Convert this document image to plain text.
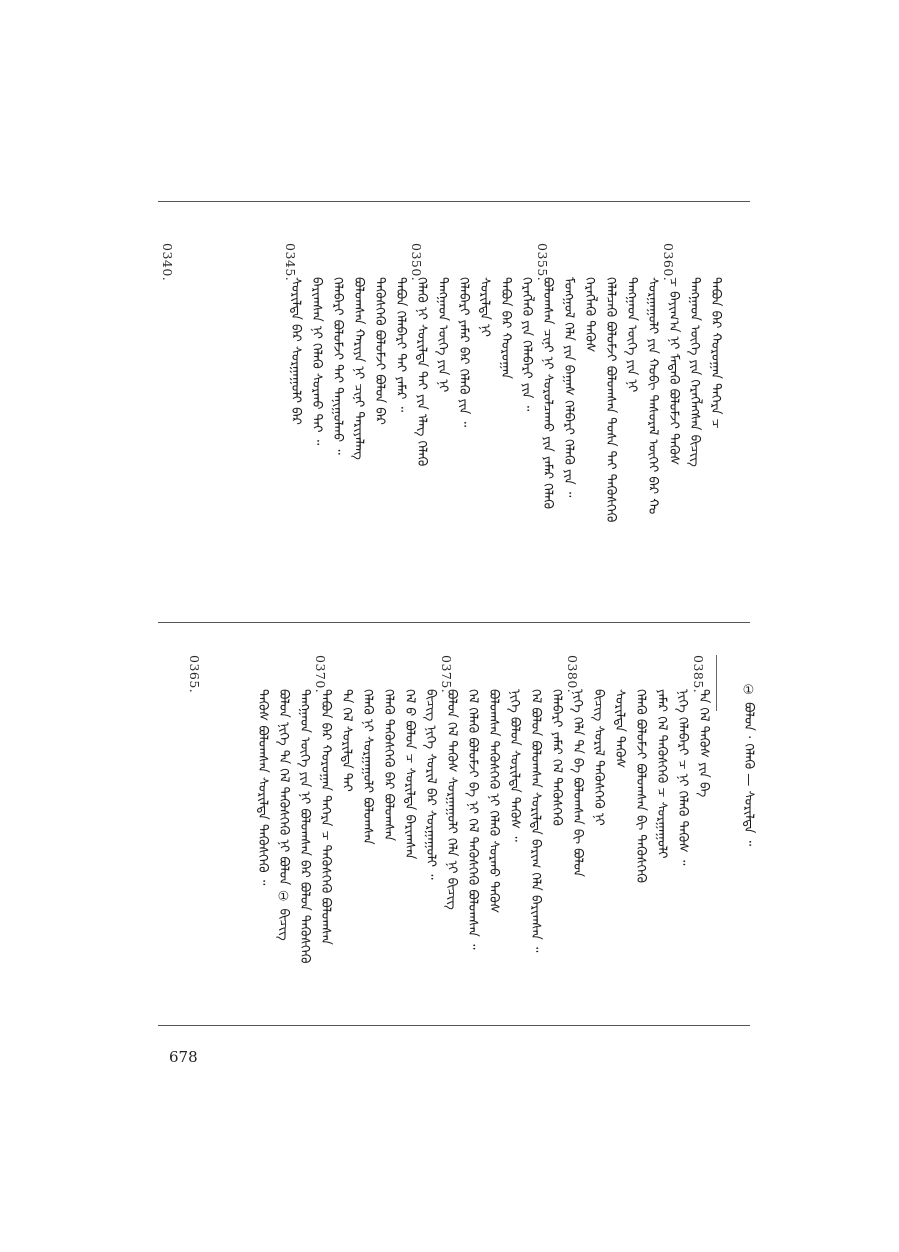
0360.
0355.
0350.
0345.
0340.
ᠲᠠᠪᠤᠨ ᠪᠡᠷ ᠬᠤᠷᠤᠭᠠᠨ ᠳᠡᠭᠡᠷᠡ ᠴ
ᠲᠠᠩᠭᠠᠳ ᠦᠭᠡ ᠶᠢᠨ ᠬᠡᠷᠡᠭᠯᠡᠭ᠌ᠰᠡᠨ ᠪᠢᠴᠢᠭ
ᠴ ᠪᠠᠶᠢᠭ᠎ᠠ ᠨᠢ ᠮᠡᠳᠡᠬᠦ ᠪᠣᠯᠤᠮᠵᠢ ᠲᠡᠭᠦᠰ
ᠰᠤᠷᠭᠠᠭᠤᠯᠢ ᠶᠢᠨ ᠬᠤᠪᠢ ᠲᠠᠰᠤᠷᠠᠯ ᠦᠭᠡᠢ ᠪᠡᠷ ᠬᠤ
ᠲᠠᠩᠭᠠᠳ ᠦᠭᠡ ᠶᠢᠨ ᠨᠢ
ᠬᠡᠯᠡᠯᠴᠡᠬᠦ ᠪᠣᠯᠤᠮᠵᠢ ᠪᠣᠯᠤᠭᠰᠠᠨ ᠲᠤᠰᠠ ᠲᠡᠢ ᠲᠡᠭᠦᠰᠭᠡᠬᠦ
ᠬᠡᠷᠡᠭᠯᠡᠬᠦ ᠲᠡᠭᠦᠰ
ᠮᠣᠩᠭᠤᠯ ᠬᠡᠯᠡ ᠶᠢᠨ ᠪᠠᠭᠠᠰ ᠬᠡᠯᠪᠡᠷᠢ ᠬᠡᠯᠡᠬᠦ ᠶᠢᠨ ᠃
ᠪᠣᠯᠤᠭᠰᠠᠨ ᠴᠢᠨᠢ ᠨᠢ ᠰᠤᠷᠤᠯᠴᠠᠬᠤ ᠶᠢᠨ ᠶᠠᠮᠠᠷ ᠬᠡᠯᠡᠬᠦ
ᠬᠡᠷᠡᠭᠯᠡᠬᠦ ᠶᠢᠨ ᠬᠡᠯᠡᠪᠡᠷᠢ ᠶᠢᠨ ᠃
ᠲᠠᠪᠤᠨ ᠪᠡᠷ ᠬᠤᠷᠤᠭᠠᠨ
ᠰᠣᠷᠢᠯᠲᠠ ᠨᠢ
ᠬᠡᠯᠡᠪᠡᠷᠢ ᠶᠠᠮᠠᠷ ᠪᠡᠷ ᠬᠡᠯᠡᠬᠦ ᠶᠢᠨ ᠃
ᠲᠠᠩᠭᠠᠳ ᠦᠭᠡ ᠶᠢᠨ ᠨᠢ
ᠬᠡᠯᠡᠬᠦ ᠨᠢ ᠰᠣᠷᠢᠯᠲᠠ ᠲᠡᠢ ᠶᠢᠨ ᠡᠯᠡᠭ ᠬᠡᠯᠡᠬᠦ
ᠲᠠᠪᠤᠨ ᠬᠡᠯᠡᠪᠡᠷᠢ ᠲᠡᠢ ᠶᠠᠮᠠᠷ ᠃
ᠲᠡᠭᠦᠰᠬᠡᠭᠦ ᠪᠣᠯᠤᠮᠵᠢ ᠪᠣᠯᠤᠨ ᠪᠡᠷ
ᠪᠣᠯᠤᠭᠰᠠᠨ ᠬᠠᠷᠢᠶᠠ ᠨᠢ ᠴᠢᠨᠢ ᠲᠠᠷᠢᠶᠠᠯᠠᠩ
ᠬᠡᠯᠡᠪᠡᠷᠢ ᠪᠣᠯᠤᠮᠵᠢ ᠲᠡᠢ ᠲᠠᠨᠢᠭᠤᠯᠬᠤ ᠃
ᠪᠠᠷᠢᠭᠰᠠᠨ ᠨᠢ ᠬᠡᠯᠡᠬᠦ ᠰᠤᠷᠬᠤ ᠲᠡᠢ ᠃
ᠰᠣᠷᠢᠯᠲᠠ ᠪᠡᠷ ᠰᠤᠷᠭᠠᠭᠤᠯᠢ ᠪᠡᠷ
0385.
0380.
0375.
0370.
0365.
① ᠪᠣᠯᠤᠨ · ᠬᠡᠯᠡᠬᠦ — ᠰᠣᠷᠢᠯᠲᠠ ᠃
ᠲᠠ ᠬᠡᠯ ᠲᠡᠭᠦᠰ ᠶᠢᠨ ᠪᠠ
ᠨᠢᠭᠡ ᠬᠡᠯᠡᠪᠡᠷᠢ ᠴ ᠨᠢ ᠬᠡᠯᠡᠬᠦ ᠲᠡᠭᠦᠰ ᠃
ᠶᠠᠮᠠᠷ ᠬᠡᠯ ᠲᠡᠭᠦᠰᠬᠡᠭᠦ ᠴ ᠰᠤᠷᠭᠠᠭᠤᠯᠢ
ᠬᠡᠯᠡᠬᠦ ᠪᠣᠯᠤᠮᠵᠢ ᠪᠣᠯᠤᠭᠰᠠᠨ ᠪᠢ ᠲᠡᠭᠦᠰᠭᠡᠬᠦ
ᠰᠣᠷᠢᠯᠲᠠ ᠲᠡᠭᠦᠰ
ᠪᠢᠴᠢᠭ ᠰᠣᠷᠢᠯ ᠲᠡᠭᠦᠰᠬᠡᠭᠦ ᠨᠢ
ᠨᠢᠭᠡ ᠬᠡᠯᠡ ᠲᠠ ᠪᠠ ᠪᠣᠯᠤᠭᠰᠠᠨ ᠪᠢ ᠪᠣᠯᠤᠨ
ᠬᠡᠯᠡᠪᠡᠷᠢ ᠶᠠᠮᠠᠷ ᠬᠡᠯ ᠲᠡᠭᠦᠰᠬᠡᠭᠦ
ᠬᠡᠯ ᠪᠣᠯᠤᠨ ᠪᠣᠯᠤᠭᠰᠠᠨ ᠰᠣᠷᠢᠯᠲᠠ ᠪᠠᠷᠢᠭ ᠬᠡᠯᠡ ᠪᠠᠷᠢᠭᠰᠠᠨ ᠃
ᠨᠢᠭᠡ ᠪᠣᠯᠤᠨ ᠰᠣᠷᠢᠯᠲᠠ ᠲᠡᠭᠦᠰ ᠃
ᠪᠣᠯᠤᠭᠰᠠᠨ ᠲᠡᠭᠦᠰᠬᠡᠭᠦ ᠨᠢ ᠬᠡᠯᠡᠬᠦ ᠰᠤᠷᠬᠤ ᠲᠡᠭᠦᠰ
ᠬᠡᠯ ᠬᠡᠯᠡᠬᠦ ᠪᠣᠯᠤᠮᠵᠢ ᠪᠠ ᠨᠢ ᠬᠡᠯ ᠲᠡᠭᠦᠰᠬᠡᠭᠦ ᠪᠣᠯᠤᠭᠰᠠᠨ ᠃
ᠪᠣᠯᠤᠨ ᠬᠡᠯ ᠲᠡᠭᠦᠰ ᠰᠤᠷᠭᠠᠭᠤᠯᠢ ᠬᠡᠯᠡ ᠨᠢ ᠪᠢᠴᠢᠭ
ᠪᠢᠴᠢᠭ ᠨᠢᠭᠡ ᠰᠣᠷᠢᠯ ᠪᠡᠷ ᠰᠤᠷᠭᠠᠭᠤᠯᠢ ᠃
ᠬᠡᠯ ᠪ ᠪᠣᠯᠤᠨ ᠴ ᠰᠣᠷᠢᠯᠲᠠ ᠪᠠᠷᠢᠭᠰᠠᠨ
ᠬᠡᠯᠡᠬᠦ ᠲᠡᠭᠦᠰᠬᠡᠭᠦ ᠪᠡᠷ ᠪᠣᠯᠤᠭᠰᠠᠨ
ᠬᠡᠯᠡᠬᠦ ᠨᠢ ᠰᠤᠷᠭᠠᠭᠤᠯᠢ ᠪᠣᠯᠤᠭᠰᠠᠨ
ᠲᠠ ᠬᠡᠯ ᠰᠣᠷᠢᠯᠲᠠ ᠲᠡᠢ
ᠲᠠᠪᠤᠨ ᠪᠡᠷ ᠬᠤᠷᠤᠭᠠᠨ ᠳᠡᠭᠡᠷᠡ ᠴ ᠲᠡᠭᠦᠰᠬᠡᠭᠦ ᠪᠣᠯᠤᠭᠰᠠᠨ
ᠲᠠᠩᠭᠠᠳ ᠦᠭᠡ ᠶᠢᠨ ᠨᠢ ᠪᠣᠯᠤᠭᠰᠠᠨ ᠪᠡᠷ ᠪᠣᠯᠤᠨ ᠲᠡᠭᠦᠰᠬᠡᠭᠦ
ᠪᠣᠯᠤᠨ ᠨᠢᠭᠡ ᠲᠠ ᠬᠡᠯ ᠲᠡᠭᠦᠰᠬᠡᠭᠦ ᠨᠢ ᠪᠣᠯᠤᠨ ① ᠪᠢᠴᠢᠭ
ᠲᠡᠭᠦᠰ ᠪᠣᠯᠤᠭᠰᠠᠨ ᠰᠣᠷᠢᠯᠲᠠ ᠲᠡᠭᠦᠰᠬᠡᠭᠦ ᠃
678
